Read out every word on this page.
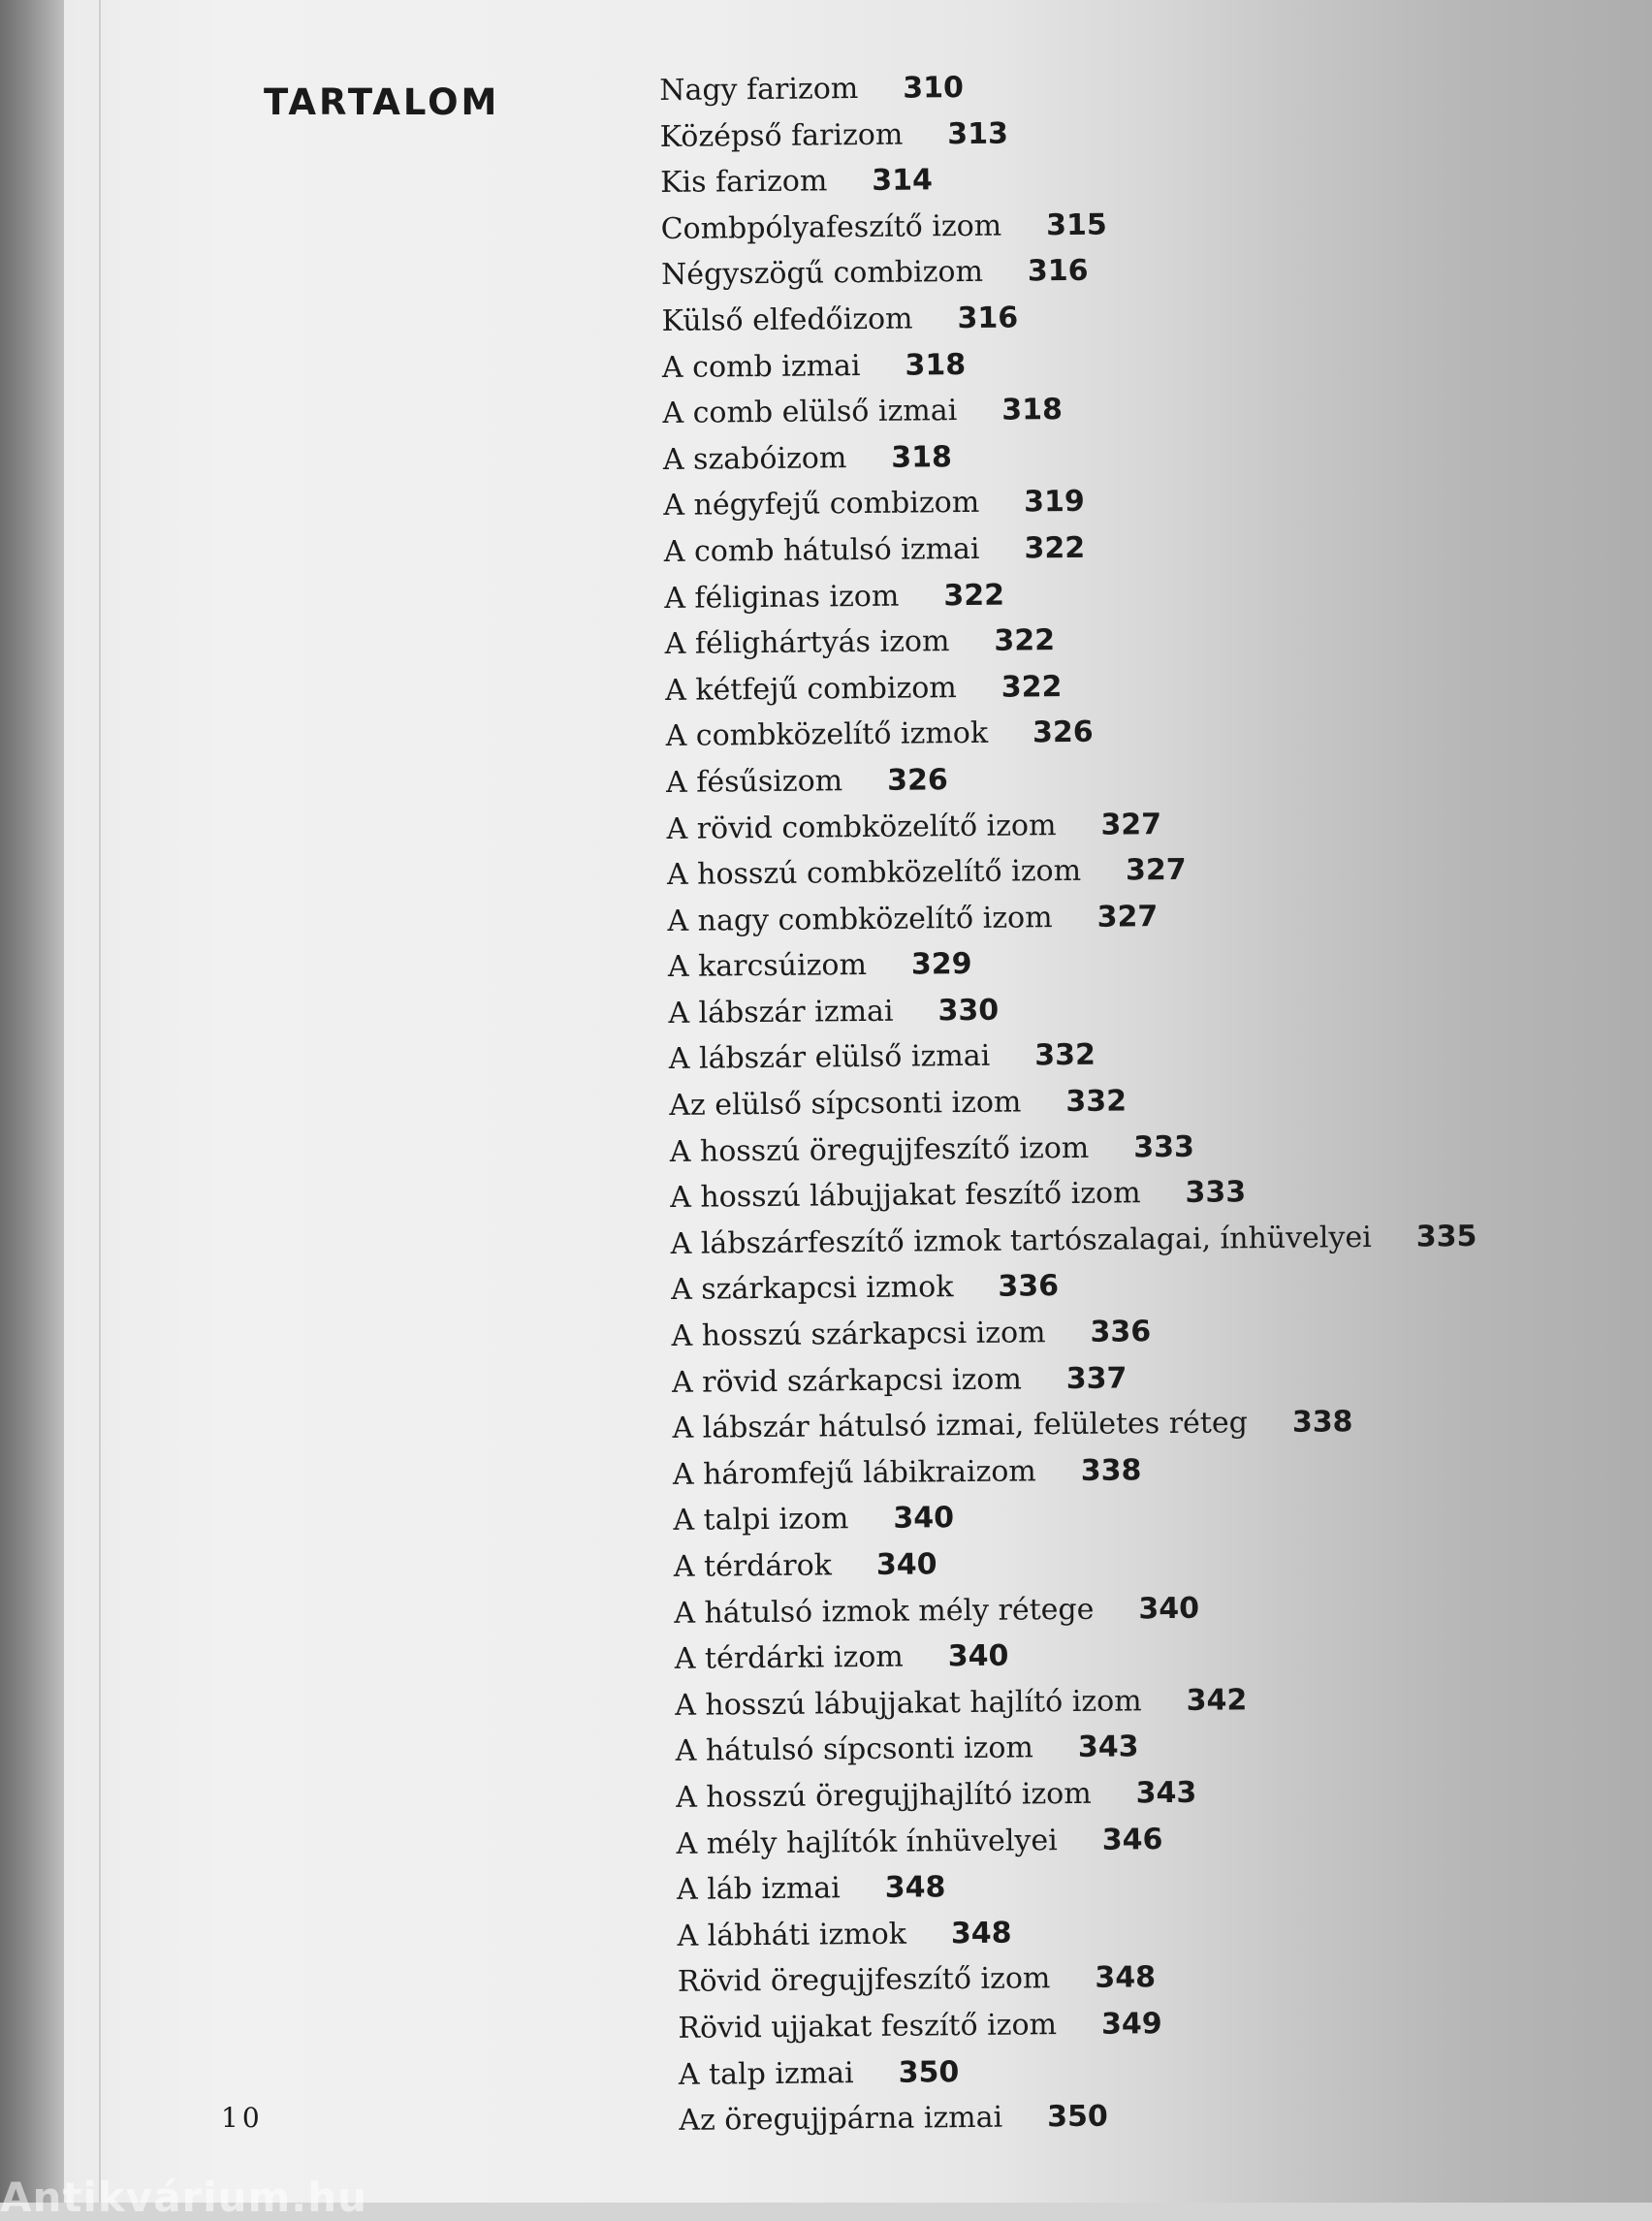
TARTALOM	Nagy farizom 310
Középső farizom 313
Kis farizom 314
Combpólyafeszítő izom 315
Négyszögű combizom 316
Külső elfedőizom 316
A comb izmai 318
A comb elülső izmai 318
A szabóizom 318
A négyfejű combizom 319
A comb hátulsó izmai 322
A féliginas izom 322
A félighártyás izom 322
A kétfejű combizom 322
A combközelítő izmok 326
A fésűsizom 326
A rövid combközelítő izom 327
A hosszú combközelítő izom 327
A nagy combközelítő izom 327
A karcsúizom 329
A lábszár izmai 330
A lábszár elülső izmai 332
Az elülső sípcsonti izom 332
A hosszú öregujjfeszítő izom 333
A hosszú lábujjakat feszítő izom 333
A lábszárfeszítő izmok tartószalagai, ínhüvelyei 335
A szárkapcsi izmok 336
A hosszú szárkapcsi izom 336
A rövid szárkapcsi izom 337
A lábszár hátulsó izmai, felületes réteg 338
A háromfejű lábikraizom 338
A talpi izom 340
A térdárok 340
A hátulsó izmok mély rétege 340
A térdárki izom 340
A hosszú lábujjakat hajlító izom 342
A hátulsó sípcsonti izom 343
A hosszú öregujjhajlító izom 343
A mély hajlítók ínhüvelyei 346
A láb izmai 348
A lábháti izmok 348
Rövid öregujjfeszítő izom 348
Rövid ujjakat feszítő izom 349
A talp izmai 350
Az öregujjpárna izmai 350
10
Antikvárium.hu
